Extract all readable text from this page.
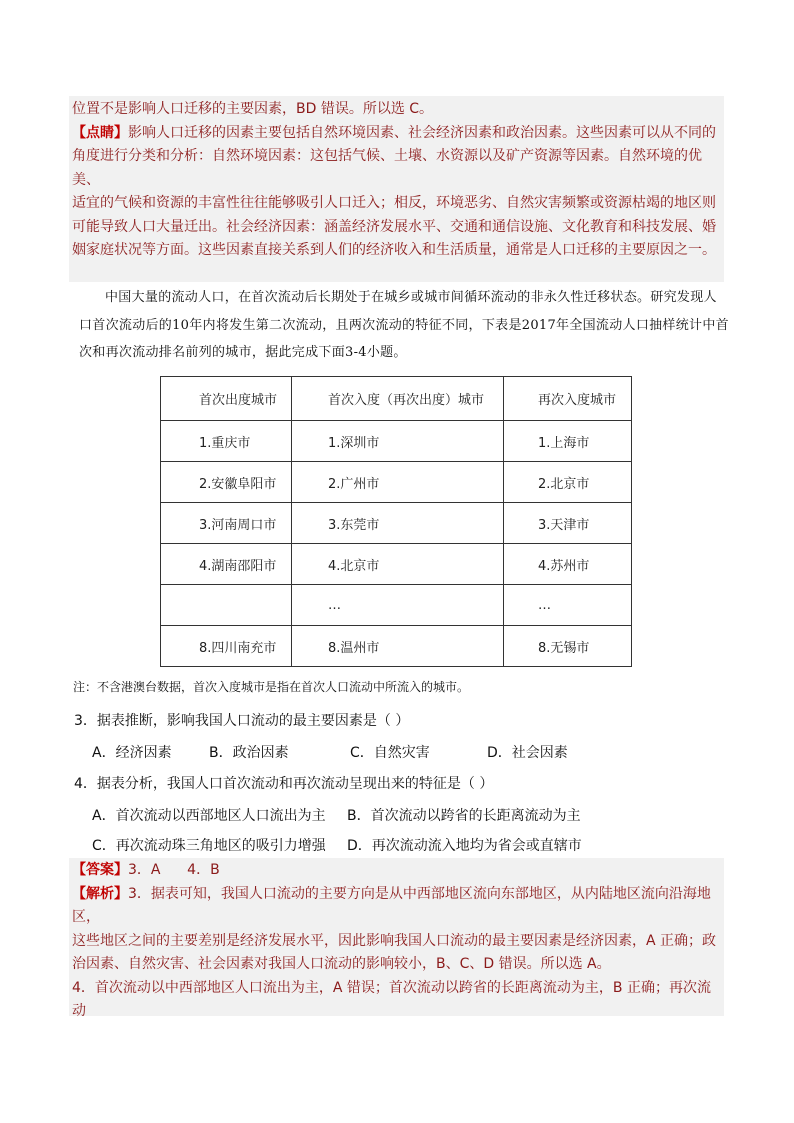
位置不是影响人口迁移的主要因素，BD 错误。所以选 C。

【点睛】影响人口迁移的因素主要包括自然环境因素、社会经济因素和政治因素。这些因素可以从不同的

角度进行分类和分析：自然环境因素：这包括气候、土壤、水资源以及矿产资源等因素。自然环境的优美、

适宜的气候和资源的丰富性往往能够吸引人口迁入；相反，环境恶劣、自然灾害频繁或资源枯竭的地区则

可能导致人口大量迁出。社会经济因素：涵盖经济发展水平、交通和通信设施、文化教育和科技发展、婚

姻家庭状况等方面。这些因素直接关系到人们的经济收入和生活质量，通常是人口迁移的主要原因之一。

中国大量的流动人口，在首次流动后长期处于在城乡或城市间循环流动的非永久性迁移状态。研究发现人口首次流动后的10年内将发生第二次流动，且两次流动的特征不同，下表是2017年全国流动人口抽样统计中首次和再次流动排名前列的城市，据此完成下面3-4小题。

首次出度城市	首次入度（再次出度）城市	再次入度城市
1.重庆市	1.深圳市	1.上海市
2.安徽阜阳市	2.广州市	2.北京市
3.河南周口市	3.东莞市	3.天津市
4.湖南邵阳市	4.北京市	4.苏州市
	…	…
8.四川南充市	8.温州市	8.无锡市
注：不含港澳台数据，首次入度城市是指在首次人口流动中所流入的城市。
3．据表推断，影响我国人口流动的最主要因素是（ ）
A．经济因素	B．政治因素	C．自然灾害	D．社会因素
4．据表分析，我国人口首次流动和再次流动呈现出来的特征是（ ）
A．首次流动以西部地区人口流出为主 B．首次流动以跨省的长距离流动为主
C．再次流动珠三角地区的吸引力增强 D．再次流动流入地均为省会或直辖市

【答案】3．A      4．B

【解析】3．据表可知，我国人口流动的主要方向是从中西部地区流向东部地区，从内陆地区流向沿海地区，

这些地区之间的主要差别是经济发展水平，因此影响我国人口流动的最主要因素是经济因素，A 正确；政

治因素、自然灾害、社会因素对我国人口流动的影响较小，B、C、D 错误。所以选 A。

4．首次流动以中西部地区人口流出为主，A 错误；首次流动以跨省的长距离流动为主，B 正确；再次流动
